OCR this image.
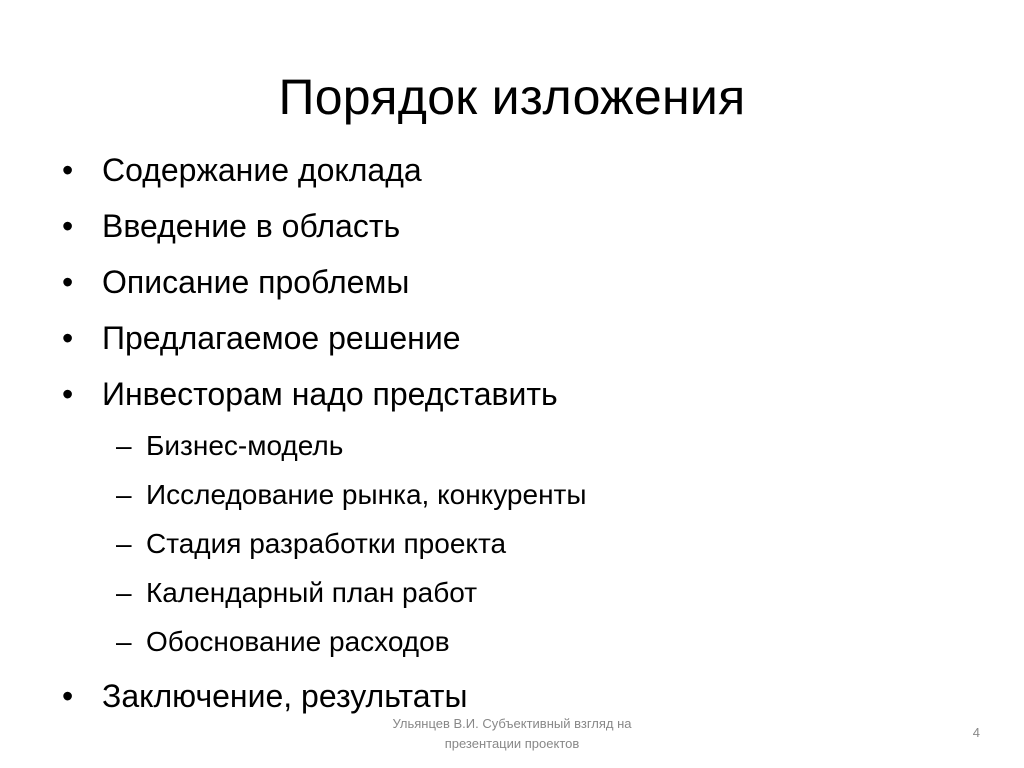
Порядок изложения
• Содержание доклада
• Введение в область
• Описание проблемы
• Предлагаемое решение
• Инвесторам надо представить
– Бизнес-модель
– Исследование рынка, конкуренты
– Стадия разработки проекта
– Календарный план работ
– Обоснование расходов
• Заключение, результаты
Ульянцев В.И. Субъективный взгляд на
презентации проектов
4
